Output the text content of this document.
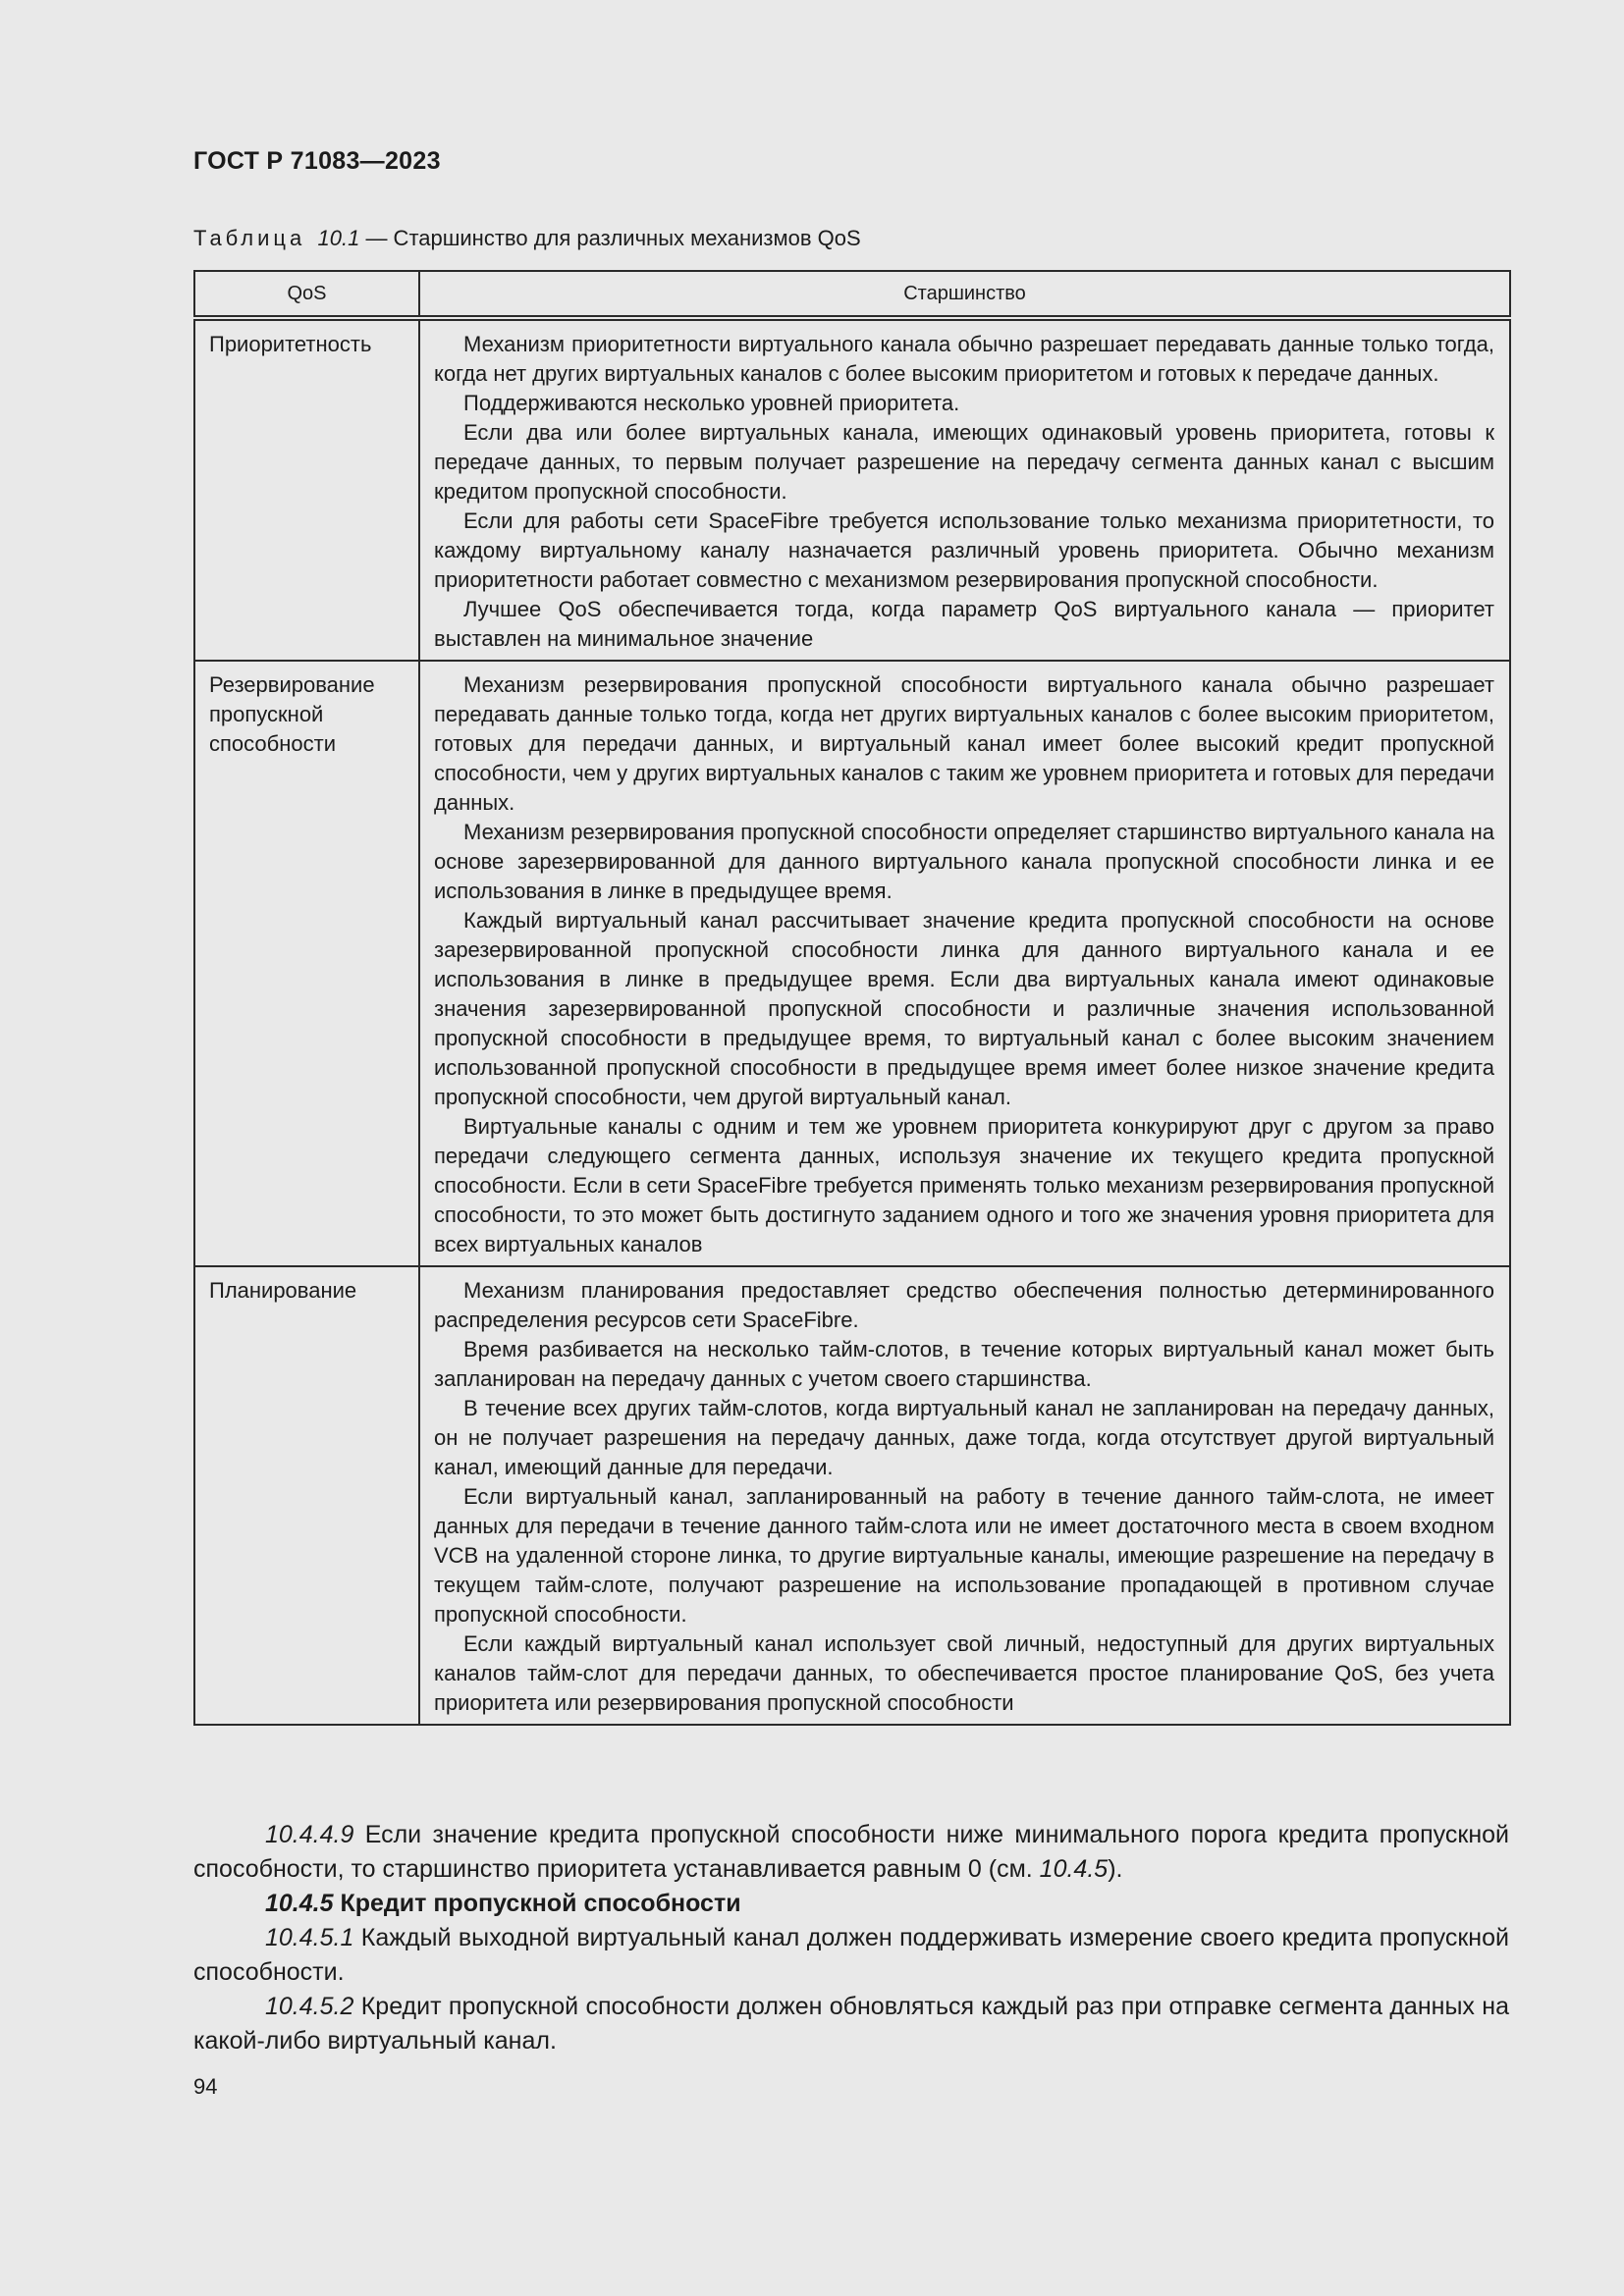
ГОСТ Р 71083—2023
Таблица 10.1 — Старшинство для различных механизмов QoS
QoS	Старшинство
Приоритетность	Механизм приоритетности виртуального канала обычно разрешает передавать данные только тогда, когда нет других виртуальных каналов с более высоким приоритетом и готовых к передаче данных.

Поддерживаются несколько уровней приоритета.

Если два или более виртуальных канала, имеющих одинаковый уровень приоритета, готовы к передаче данных, то первым получает разрешение на передачу сегмента данных канал с высшим кредитом пропускной способности.

Если для работы сети SpaceFibre требуется использование только механизма приоритетности, то каждому виртуальному каналу назначается различный уровень приоритета. Обычно механизм приоритетности работает совместно с механизмом резервирования пропускной способности.

Лучшее QoS обеспечивается тогда, когда параметр QoS виртуального канала — приоритет выставлен на минимальное значение

Резервирование пропускной способности	Механизм резервирования пропускной способности виртуального канала обычно разрешает передавать данные только тогда, когда нет других виртуальных каналов с более высоким приоритетом, готовых для передачи данных, и виртуальный канал имеет более высокий кредит пропускной способности, чем у других виртуальных каналов с таким же уровнем приоритета и готовых для передачи данных.

Механизм резервирования пропускной способности определяет старшинство виртуального канала на основе зарезервированной для данного виртуального канала пропускной способности линка и ее использования в линке в предыдущее время.

Каждый виртуальный канал рассчитывает значение кредита пропускной способности на основе зарезервированной пропускной способности линка для данного виртуального канала и ее использования в линке в предыдущее время. Если два виртуальных канала имеют одинаковые значения зарезервированной пропускной способности и различные значения использованной пропускной способности в предыдущее время, то виртуальный канал с более высоким значением использованной пропускной способности в предыдущее время имеет более низкое значение кредита пропускной способности, чем другой виртуальный канал.

Виртуальные каналы с одним и тем же уровнем приоритета конкурируют друг с другом за право передачи следующего сегмента данных, используя значение их текущего кредита пропускной способности. Если в сети SpaceFibre требуется применять только механизм резервирования пропускной способности, то это может быть достигнуто заданием одного и того же значения уровня приоритета для всех виртуальных каналов

Планирование	Механизм планирования предоставляет средство обеспечения полностью детерминированного распределения ресурсов сети SpaceFibre.

Время разбивается на несколько тайм-слотов, в течение которых виртуальный канал может быть запланирован на передачу данных с учетом своего старшинства.

В течение всех других тайм-слотов, когда виртуальный канал не запланирован на передачу данных, он не получает разрешения на передачу данных, даже тогда, когда отсутствует другой виртуальный канал, имеющий данные для передачи.

Если виртуальный канал, запланированный на работу в течение данного тайм-слота, не имеет данных для передачи в течение данного тайм-слота или не имеет достаточного места в своем входном VCB на удаленной стороне линка, то другие виртуальные каналы, имеющие разрешение на передачу в текущем тайм-слоте, получают разрешение на использование пропадающей в противном случае пропускной способности.

Если каждый виртуальный канал использует свой личный, недоступный для других виртуальных каналов тайм-слот для передачи данных, то обеспечивается простое планирование QoS, без учета приоритета или резервирования пропускной способности

10.4.4.9 Если значение кредита пропускной способности ниже минимального порога кредита пропускной способности, то старшинство приоритета устанавливается равным 0 (см. 10.4.5).

10.4.5 Кредит пропускной способности

10.4.5.1 Каждый выходной виртуальный канал должен поддерживать измерение своего кредита пропускной способности.

10.4.5.2 Кредит пропускной способности должен обновляться каждый раз при отправке сегмента данных на какой-либо виртуальный канал.

94
